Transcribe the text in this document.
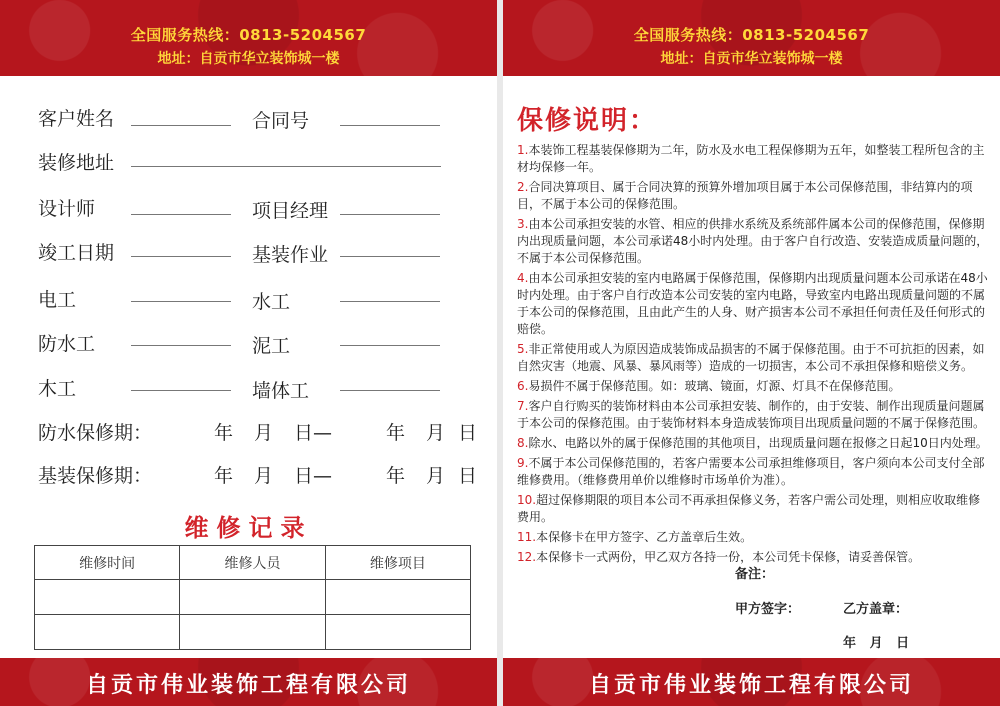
全国服务热线：0813-5204567
地址：自贡市华立装饰城一楼
客户姓名	合同号
装修地址
设计师	项目经理
竣工日期	基装作业
电工	水工
防水工	泥工
木工	墙体工
防水保修期：	年 月 日—	年 月 日
基装保修期：	年 月 日—	年 月 日
维修记录
维修时间	维修人员	维修项目

自贡市伟业装饰工程有限公司
全国服务热线：0813-5204567
地址：自贡市华立装饰城一楼
保修说明：
1.本装饰工程基装保修期为二年，防水及水电工程保修期为五年，如整装工程所包含的主材均保修一年。
2.合同决算项目、属于合同决算的预算外增加项目属于本公司保修范围，非结算内的项目，不属于本公司的保修范围。
3.由本公司承担安装的水管、相应的供排水系统及系统部件属本公司的保修范围，保修期内出现质量问题，本公司承诺48小时内处理。由于客户自行改造、安装造成质量问题的，不属于本公司保修范围。
4.由本公司承担安装的室内电路属于保修范围，保修期内出现质量问题本公司承诺在48小时内处理。由于客户自行改造本公司安装的室内电路，导致室内电路出现质量问题的不属于本公司的保修范围，且由此产生的人身、财产损害本公司不承担任何责任及任何形式的赔偿。
5.非正常使用或人为原因造成装饰成品损害的不属于保修范围。由于不可抗拒的因素，如自然灾害（地震、风暴、暴风雨等）造成的一切损害，本公司不承担保修和赔偿义务。
6.易损件不属于保修范围。如：玻璃、镜面，灯源、灯具不在保修范围。
7.客户自行购买的装饰材料由本公司承担安装、制作的，由于安装、制作出现质量问题属于本公司的保修范围。由于装饰材料本身造成装饰项目出现质量问题的不属于保修范围。
8.除水、电路以外的属于保修范围的其他项目，出现质量问题在报修之日起10日内处理。
9.不属于本公司保修范围的，若客户需要本公司承担维修项目，客户须向本公司支付全部维修费用。（维修费用单价以维修时市场单价为准）。
10.超过保修期限的项目本公司不再承担保修义务，若客户需公司处理，则相应收取维修费用。
11.本保修卡在甲方签字、乙方盖章后生效。
12.本保修卡一式两份，甲乙双方各持一份，本公司凭卡保修，请妥善保管。
备注：
甲方签字：	乙方盖章：
年   月   日
自贡市伟业装饰工程有限公司
